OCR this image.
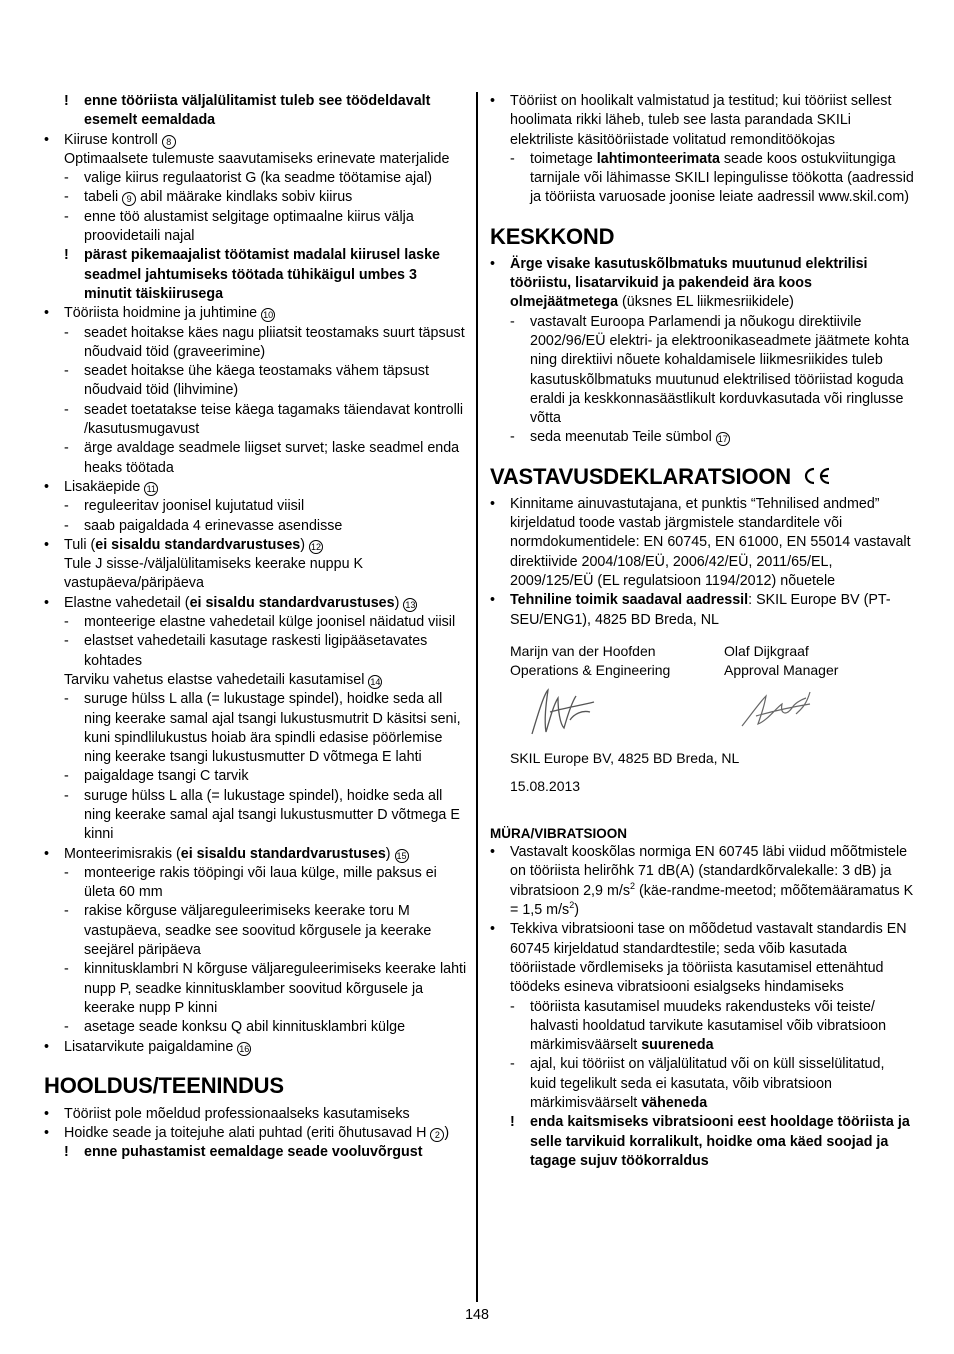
! enne tööriista väljalülitamist tuleb see töödeldavalt esemelt eemaldada
• Kiiruse kontroll 8
Optimaalsete tulemuste saavutamiseks erinevate materjalide
- valige kiirus regulaatorist G (ka seadme töötamise ajal)
- tabeli 9 abil määrake kindlaks sobiv kiirus
- enne töö alustamist selgitage optimaalne kiirus välja proovidetaili najal
! pärast pikemaajalist töötamist madalal kiirusel laske seadmel jahtumiseks töötada tühikäigul umbes 3 minutit täiskiirusega
• Tööriista hoidmine ja juhtimine 10
- seadet hoitakse käes nagu pliiatsit teostamaks suurt täpsust nõudvaid töid (graveerimine)
- seadet hoitakse ühe käega teostamaks vähem täpsust nõudvaid töid (lihvimine)
- seadet toetatakse teise käega tagamaks täiendavat kontrolli /kasutusmugavust
- ärge avaldage seadmele liigset survet; laske seadmel enda heaks töötada
• Lisakäepide 11
- reguleeritav joonisel kujutatud viisil
- saab paigaldada 4 erinevasse asendisse
• Tuli (ei sisaldu standardvarustuses) 12
Tule J sisse-/väljalülitamiseks keerake nuppu K vastupäeva/päripäeva
• Elastne vahedetail (ei sisaldu standardvarustuses) 13
- monteerige elastne vahedetail külge joonisel näidatud viisil
- elastset vahedetaili kasutage raskesti ligipääsetavates kohtades
Tarviku vahetus elastse vahedetaili kasutamisel 14
- suruge hülss L alla (= lukustage spindel), hoidke seda all ning keerake samal ajal tsangi lukustusmutrit D käsitsi seni, kuni spindlilukustus hoiab ära spindli edasise pöörlemise ning keerake tsangi lukustusmutter D võtmega E lahti
- paigaldage tsangi C tarvik
- suruge hülss L alla (= lukustage spindel), hoidke seda all ning keerake samal ajal tsangi lukustusmutter D võtmega E kinni
• Monteerimisrakis (ei sisaldu standardvarustuses) 15
- monteerige rakis tööpingi või laua külge, mille paksus ei ületa 60 mm
- rakise kõrguse väljareguleerimiseks keerake toru M vastupäeva, seadke see soovitud kõrgusele ja keerake seejärel päripäeva
- kinnitusklambri N kõrguse väljareguleerimiseks keerake lahti nupp P, seadke kinnitusklamber soovitud kõrgusele ja keerake nupp P kinni
- asetage seade konksu Q abil kinnitusklambri külge
• Lisatarvikute paigaldamine 16
HOOLDUS/TEENINDUS
• Tööriist pole mõeldud professionaalseks kasutamiseks
• Hoidke seade ja toitejuhe alati puhtad (eriti õhutusavad H 2 )
! enne puhastamist eemaldage seade vooluvõrgust
• Tööriist on hoolikalt valmistatud ja testitud; kui tööriist sellest hoolimata rikki läheb, tuleb see lasta parandada SKILi elektriliste käsitööriistade volitatud remonditöökojas
- toimetage lahtimonteerimata seade koos ostukviitungiga tarnijale või lähimasse SKILI lepingulisse töökotta (aadressid ja tööriista varuosade joonise leiate aadressil www.skil.com)
KESKKOND
• Ärge visake kasutuskõlbmatuks muutunud elektrilisi tööriistu, lisatarvikuid ja pakendeid ära koos olmejäätmetega (üksnes EL liikmesriikidele)
- vastavalt Euroopa Parlamendi ja nõukogu direktiivile 2002/96/EÜ elektri- ja elektroonikaseadmete jäätmete kohta ning direktiivi nõuete kohaldamisele liikmesriikides tuleb kasutuskõlbmatuks muutunud elektrilised tööriistad koguda eraldi ja keskkonnasäästlikult korduvkasutada või ringlusse võtta
- seda meenutab Teile sümbol 17
VASTAVUSDEKLARATSIOON
• Kinnitame ainuvastutajana, et punktis “Tehnilised andmed” kirjeldatud toode vastab järgmistele standarditele või normdokumentidele: EN 60745, EN 61000, EN 55014 vastavalt direktiivide 2004/108/EÜ, 2006/42/EÜ, 2011/65/EL, 2009/125/EÜ (EL regulatsioon 1194/2012) nõuetele
• Tehniline toimik saadaval aadressil: SKIL Europe BV (PT-SEU/ENG1), 4825 BD Breda, NL
Marijn van der Hoofden
Operations & Engineering
Olaf Dijkgraaf
Approval Manager
SKIL Europe BV, 4825 BD Breda, NL
15.08.2013
MÜRA/VIBRATSIOON
• Vastavalt kooskõlas normiga EN 60745 läbi viidud mõõtmistele on tööriista helirõhk 71 dB(A) (standardkõrvalekalle: 3 dB) ja vibratsioon 2,9 $m/s^2$ (käe-randme-meetod; mõõtemääramatus K = 1,5 $m/s^2$)
• Tekkiva vibratsiooni tase on mõõdetud vastavalt standardis EN 60745 kirjeldatud standardtestile; seda võib kasutada tööriistade võrdlemiseks ja tööriista kasutamisel ettenähtud töödeks esineva vibratsiooni esialgseks hindamiseks
- tööriista kasutamisel muudeks rakendusteks või teiste/ halvasti hooldatud tarvikute kasutamisel võib vibratsioon märkimisväärselt suureneda
- ajal, kui tööriist on väljalülitatud või on küll sisselülitatud, kuid tegelikult seda ei kasutata, võib vibratsioon märkimisväärselt väheneda
! enda kaitsmiseks vibratsiooni eest hooldage tööriista ja selle tarvikuid korralikult, hoidke oma käed soojad ja tagage sujuv töökorraldus
148
